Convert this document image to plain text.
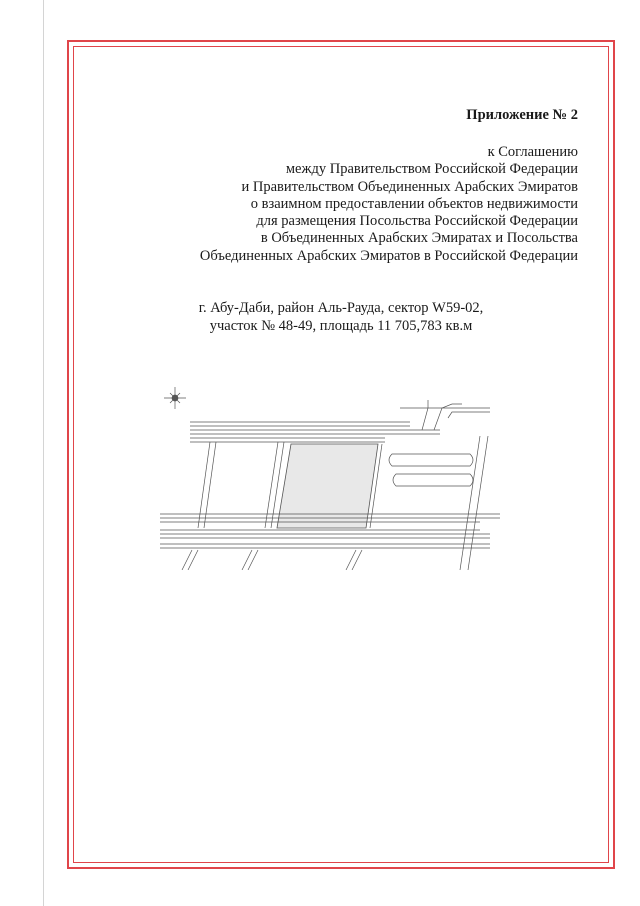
Приложение № 2
к Соглашению
между Правительством Российской Федерации
и Правительством Объединенных Арабских Эмиратов
о взаимном предоставлении объектов недвижимости
для размещения Посольства Российской Федерации
в Объединенных Арабских Эмиратах и Посольства
Объединенных Арабских Эмиратов в Российской Федерации
г. Абу-Даби, район Аль-Рауда, сектор W59-02,
участок № 48-49, площадь 11 705,783 кв.м
